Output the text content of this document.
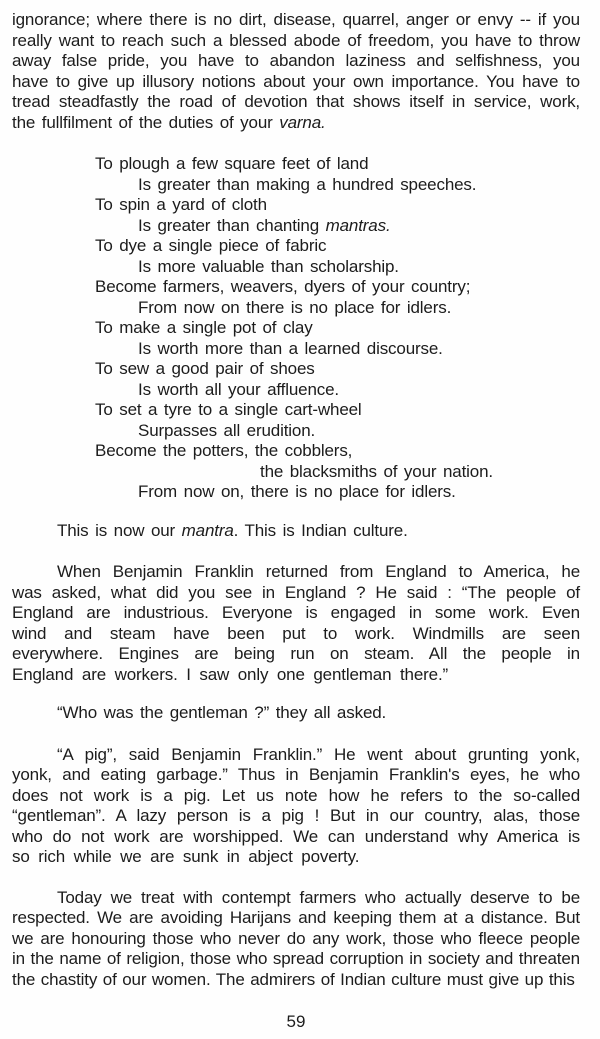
ignorance; where there is no dirt, disease, quarrel, anger or envy -- if you really want to reach such a blessed abode of freedom, you have to throw away false pride, you have to abandon laziness and selfishness, you have to give up illusory notions about your own importance. You have to tread steadfastly the road of devotion that shows itself in service, work, the fullfilment of the duties of your varna.

To plough a few square feet of land
Is greater than making a hundred speeches.
To spin a yard of cloth
Is greater than chanting mantras.
To dye a single piece of fabric
Is more valuable than scholarship.
Become farmers, weavers, dyers of your country;
From now on there is no place for idlers.
To make a single pot of clay
Is worth more than a learned discourse.
To sew a good pair of shoes
Is worth all your affluence.
To set a tyre to a single cart-wheel
Surpasses all erudition.
Become the potters, the cobblers,
the blacksmiths of your nation.
From now on, there is no place for idlers.

This is now our mantra. This is Indian culture.

When Benjamin Franklin returned from England to America, he was asked, what did you see in England ? He said : “The people of England are industrious. Everyone is engaged in some work. Even wind and steam have been put to work. Windmills are seen everywhere. Engines are being run on steam. All the people in England are workers. I saw only one gentleman there.”

“Who was the gentleman ?” they all asked.

“A pig”, said Benjamin Franklin.” He went about grunting yonk, yonk, and eating garbage.” Thus in Benjamin Franklin's eyes, he who does not work is a pig. Let us note how he refers to the so-called “gentleman”. A lazy person is a pig ! But in our country, alas, those who do not work are worshipped. We can understand why America is so rich while we are sunk in abject poverty.

Today we treat with contempt farmers who actually deserve to be respected. We are avoiding Harijans and keeping them at a distance. But we are honouring those who never do any work, those who fleece people in the name of religion, those who spread corruption in society and threaten the chastity of our women. The admirers of Indian culture must give up this

59
